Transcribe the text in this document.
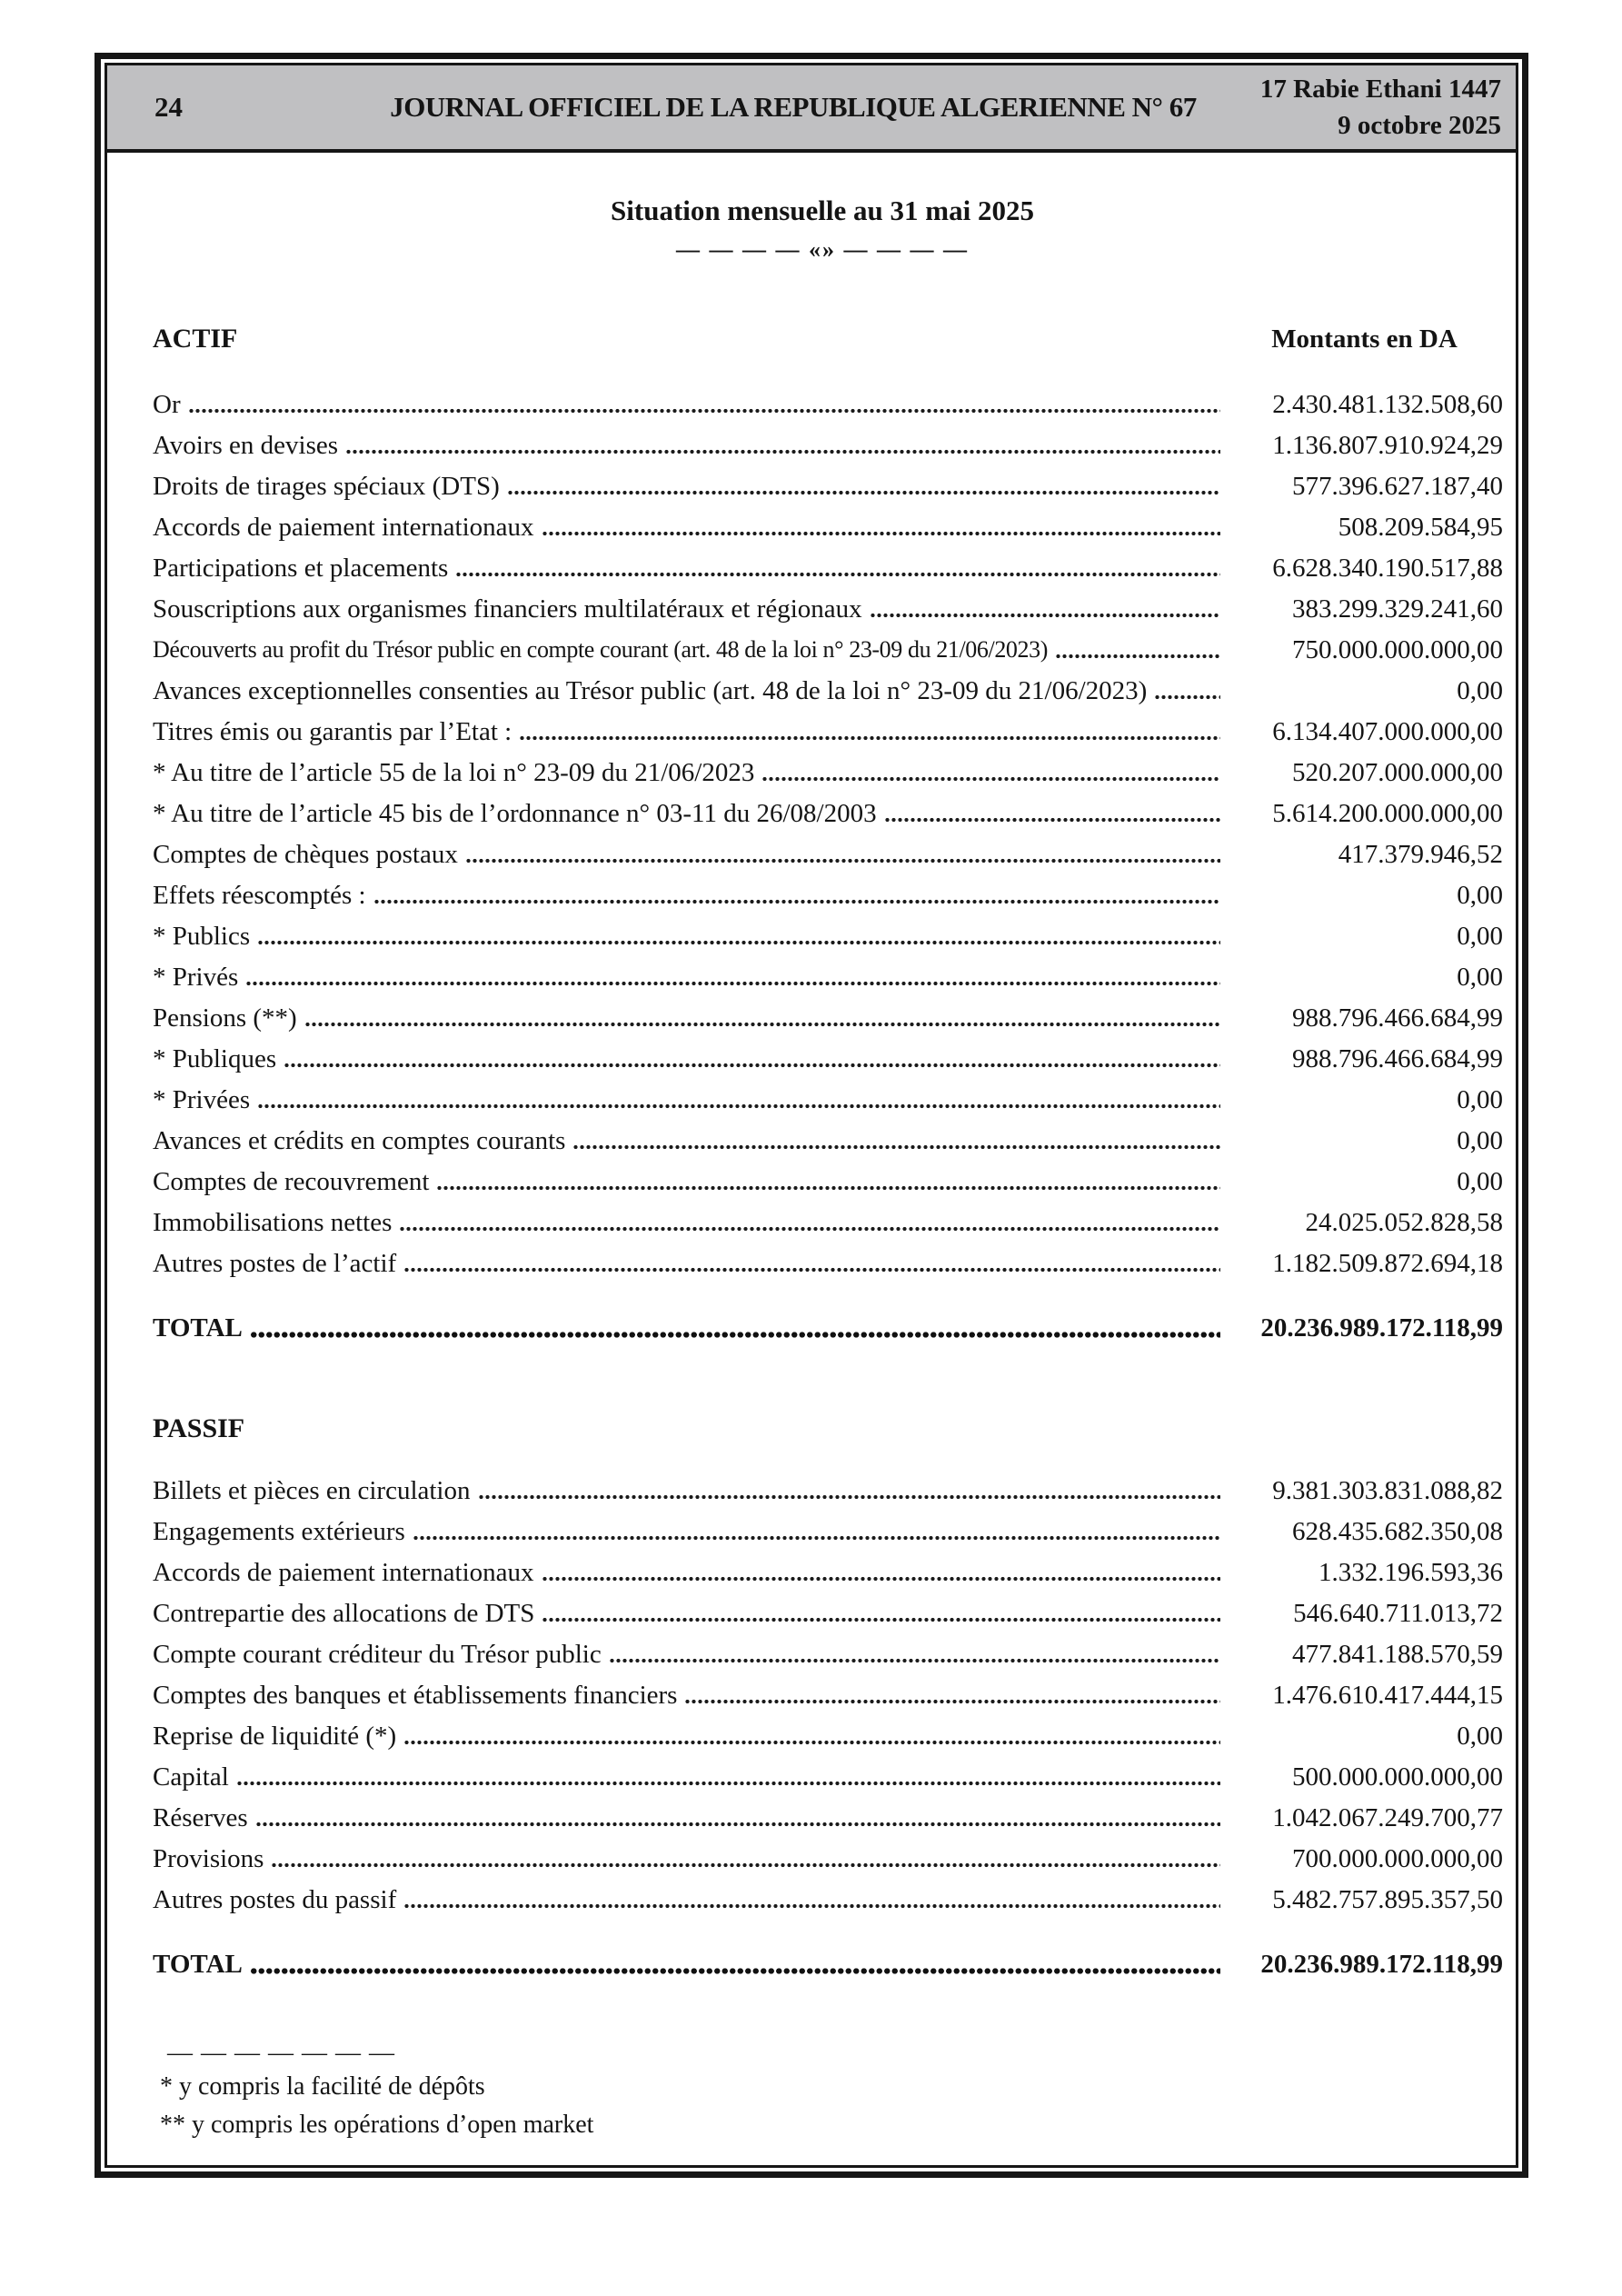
24	JOURNAL OFFICIEL DE LA REPUBLIQUE ALGERIENNE N° 67
17 Rabie Ethani 1447
9 octobre 2025
Situation mensuelle au 31 mai 2025
— — — — «» — — — —
ACTIF	Montants en DA
Or	2.430.481.132.508,60
Avoirs en devises	1.136.807.910.924,29
Droits de tirages spéciaux (DTS)	577.396.627.187,40
Accords de paiement internationaux	508.209.584,95
Participations et placements	6.628.340.190.517,88
Souscriptions aux organismes financiers multilatéraux et régionaux	383.299.329.241,60
Découverts au profit du Trésor public en compte courant (art. 48 de la loi n° 23-09 du 21/06/2023)	750.000.000.000,00
Avances exceptionnelles consenties au Trésor public (art. 48 de la loi n° 23-09 du 21/06/2023)	0,00
Titres émis ou garantis par l’Etat :	6.134.407.000.000,00
* Au titre de l’article 55 de la loi n° 23-09 du 21/06/2023	520.207.000.000,00
* Au titre de l’article 45 bis de l’ordonnance n° 03-11 du 26/08/2003	5.614.200.000.000,00
Comptes de chèques postaux	417.379.946,52
Effets réescomptés :	0,00
* Publics	0,00
* Privés	0,00
Pensions (**)	988.796.466.684,99
* Publiques	988.796.466.684,99
* Privées	0,00
Avances et crédits en comptes courants	0,00
Comptes de recouvrement	0,00
Immobilisations nettes	24.025.052.828,58
Autres postes de l’actif	1.182.509.872.694,18
TOTAL	20.236.989.172.118,99
PASSIF
Billets et pièces en circulation	9.381.303.831.088,82
Engagements extérieurs	628.435.682.350,08
Accords de paiement internationaux	1.332.196.593,36
Contrepartie des allocations de DTS	546.640.711.013,72
Compte courant créditeur du Trésor public	477.841.188.570,59
Comptes des banques et établissements financiers	1.476.610.417.444,15
Reprise de liquidité (*)	0,00
Capital	500.000.000.000,00
Réserves	1.042.067.249.700,77
Provisions	700.000.000.000,00
Autres postes du passif	5.482.757.895.357,50
TOTAL	20.236.989.172.118,99
— — — — — — —
* y compris la facilité de dépôts
** y compris les opérations d’open market
